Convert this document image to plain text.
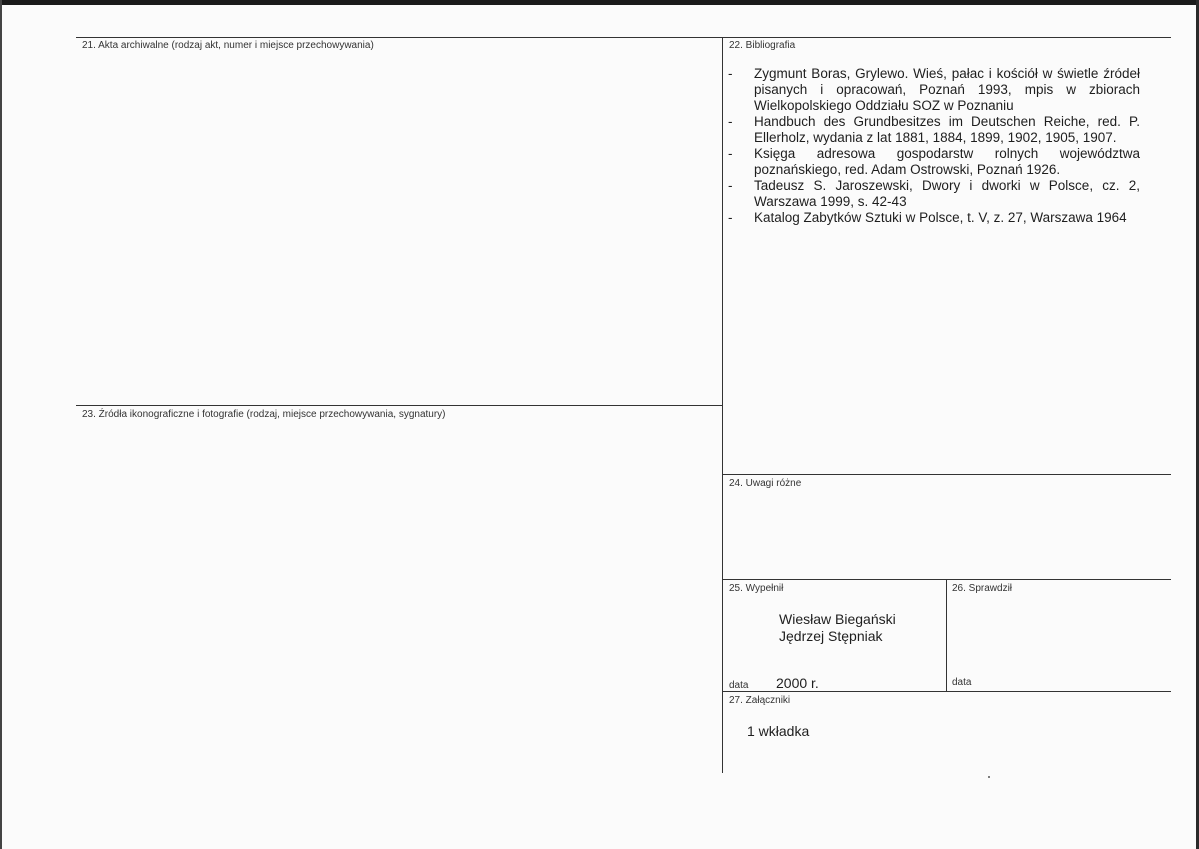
21. Akta archiwalne (rodzaj akt, numer i miejsce przechowywania)	22. Bibliografia
- Zygmunt Boras, Grylewo. Wieś, pałac i kościół w świetle źródeł pisanych i opracowań, Poznań 1993, mpis w zbiorach Wielkopolskiego Oddziału SOZ w Poznaniu
- Handbuch des Grundbesitzes im Deutschen Reiche, red. P. Ellerholz, wydania z lat 1881, 1884, 1899, 1902, 1905, 1907.
- Księga adresowa gospodarstw rolnych województwa poznańskiego, red. Adam Ostrowski, Poznań 1926.
- Tadeusz S. Jaroszewski, Dwory i dworki w Polsce, cz. 2, Warszawa 1999, s. 42-43
- Katalog Zabytków Sztuki w Polsce, t. V, z. 27, Warszawa 1964
23. Źródła ikonograficzne i fotografie (rodzaj, miejsce przechowywania, sygnatury)
24. Uwagi różne
25. Wypełnił
Wiesław Biegański
Jędrzej Stępniak
data 2000 r.
26. Sprawdził
data
27. Załączniki
1 wkładka
